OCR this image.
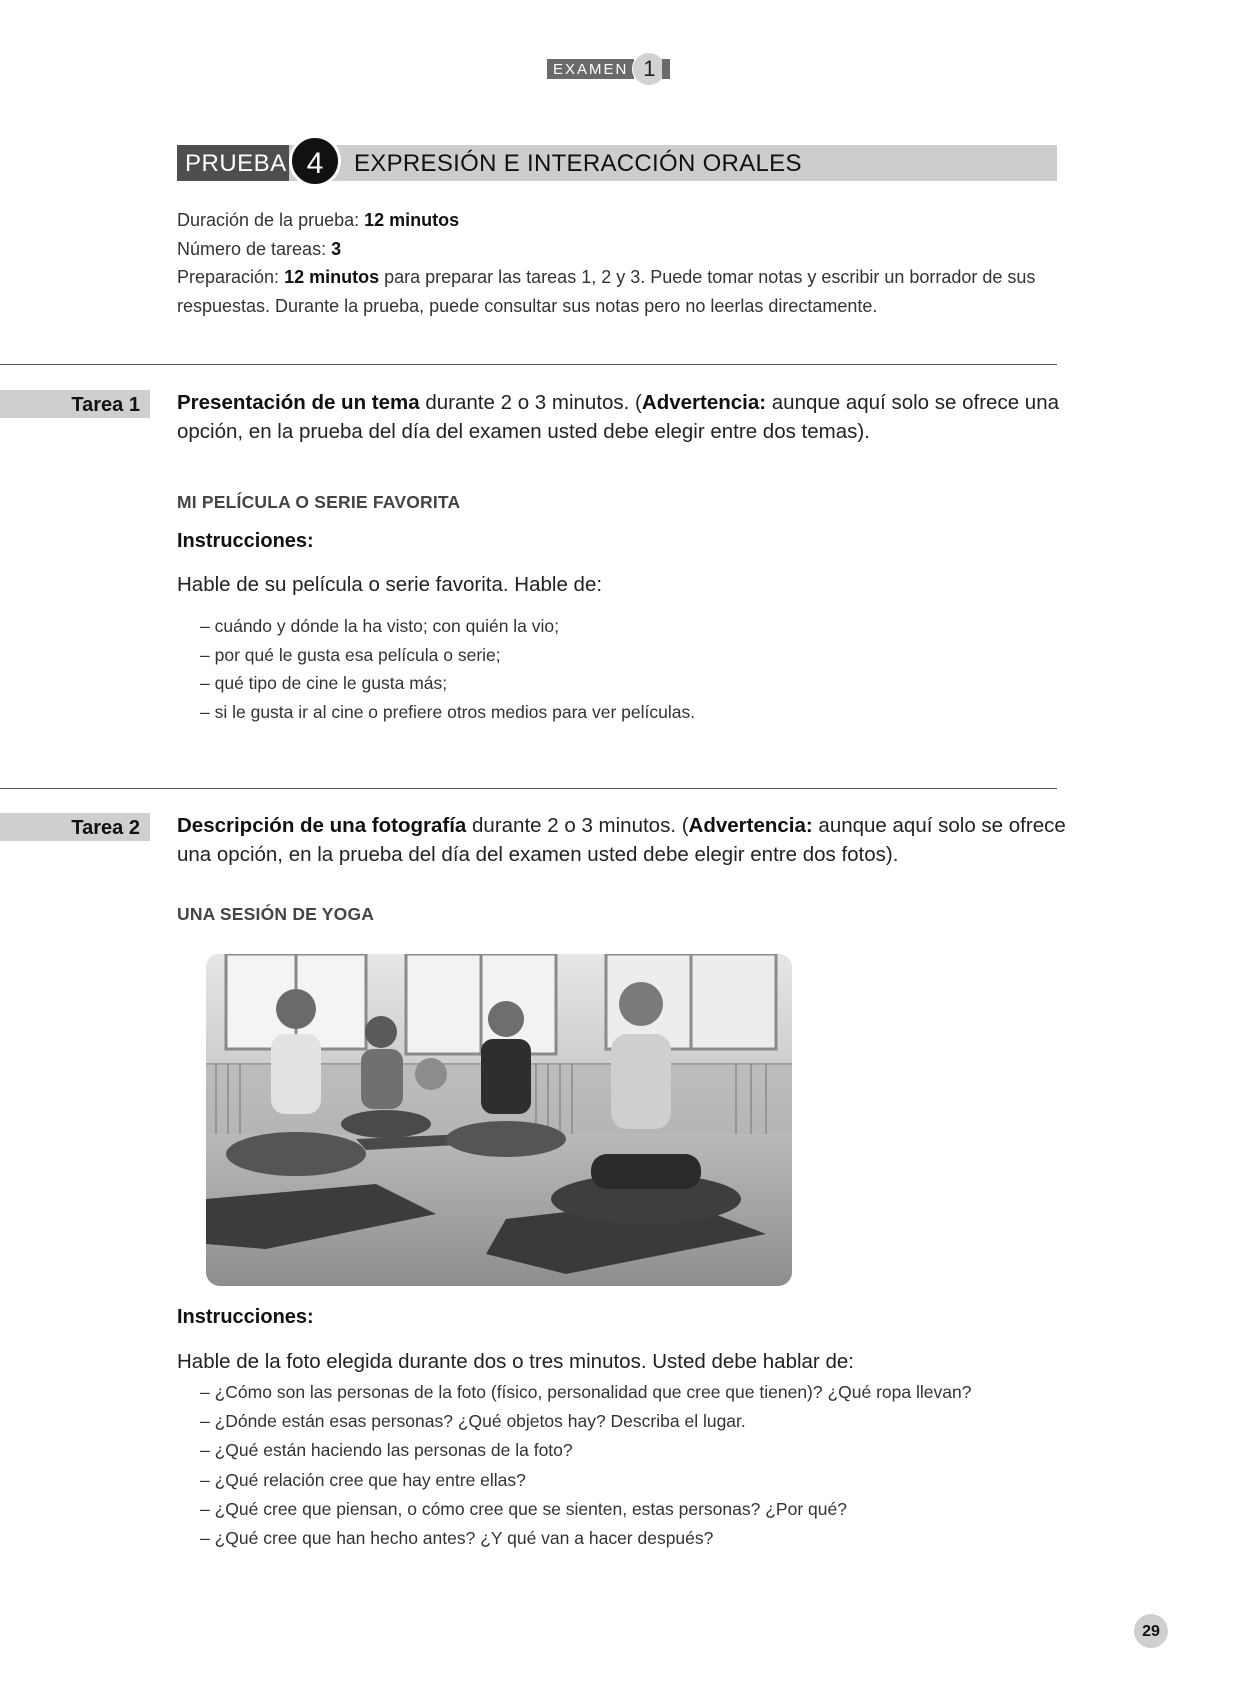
EXAMEN 1
PRUEBA	EXPRESIÓN E INTERACCIÓN ORALES
4
Duración de la prueba: 12 minutos
Número de tareas: 3
Preparación: 12 minutos para preparar las tareas 1, 2 y 3. Puede tomar notas y escribir un borrador de sus
respuestas. Durante la prueba, puede consultar sus notas pero no leerlas directamente.
Tarea 1 Presentación de un tema durante 2 o 3 minutos. (Advertencia: aunque aquí solo se ofrece una
opción, en la prueba del día del examen usted debe elegir entre dos temas).
MI PELÍCULA O SERIE FAVORITA
Instrucciones:
Hable de su película o serie favorita. Hable de:
– cuándo y dónde la ha visto; con quién la vio;
– por qué le gusta esa película o serie;
– qué tipo de cine le gusta más;
– si le gusta ir al cine o prefiere otros medios para ver películas.
Tarea 2 Descripción de una fotografía durante 2 o 3 minutos. (Advertencia: aunque aquí solo se ofrece
una opción, en la prueba del día del examen usted debe elegir entre dos fotos).
UNA SESIÓN DE YOGA
Instrucciones:
Hable de la foto elegida durante dos o tres minutos. Usted debe hablar de:
– ¿Cómo son las personas de la foto (físico, personalidad que cree que tienen)? ¿Qué ropa llevan?
– ¿Dónde están esas personas? ¿Qué objetos hay? Describa el lugar.
– ¿Qué están haciendo las personas de la foto?
– ¿Qué relación cree que hay entre ellas?
– ¿Qué cree que piensan, o cómo cree que se sienten, estas personas? ¿Por qué?
– ¿Qué cree que han hecho antes? ¿Y qué van a hacer después?
29
